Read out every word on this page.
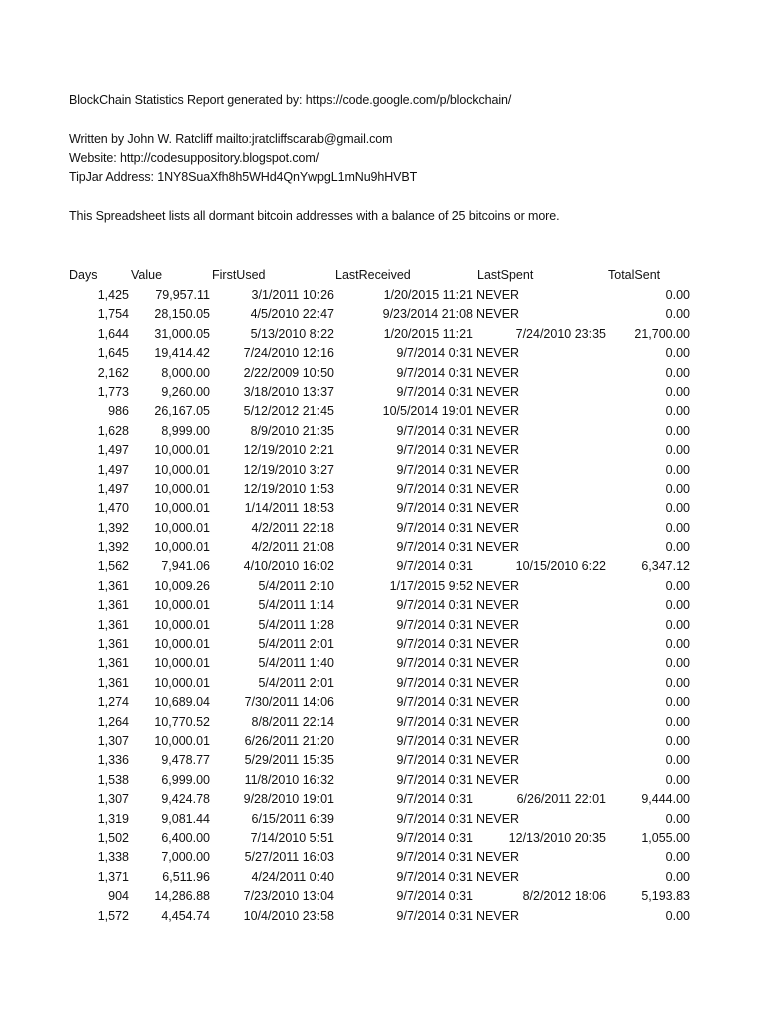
BlockChain Statistics Report generated by: https://code.google.com/p/blockchain/
Written by John W. Ratcliff mailto:jratcliffscarab@gmail.com
Website: http://codesuppository.blogspot.com/
TipJar Address: 1NY8SuaXfh8h5WHd4QnYwpgL1mNu9hHVBT
This Spreadsheet lists all dormant bitcoin addresses with a balance of 25 bitcoins or more.
Days	Value	FirstUsed	LastReceived	LastSpent	TotalSent
1,425 79,957.11	3/1/2011 10:26	1/20/2015 11:21 NEVER	0.00
1,754 28,150.05	4/5/2010 22:47	9/23/2014 21:08 NEVER	0.00
1,644 31,000.05	5/13/2010 8:22	1/20/2015 11:21	7/24/2010 23:35 21,700.00
1,645 19,414.42	7/24/2010 12:16	9/7/2014 0:31 NEVER	0.00
2,162	8,000.00	2/22/2009 10:50	9/7/2014 0:31 NEVER	0.00
1,773	9,260.00	3/18/2010 13:37	9/7/2014 0:31 NEVER	0.00
986 26,167.05	5/12/2012 21:45	10/5/2014 19:01 NEVER	0.00
1,628	8,999.00	8/9/2010 21:35	9/7/2014 0:31 NEVER	0.00
1,497 10,000.01	12/19/2010 2:21	9/7/2014 0:31 NEVER	0.00
1,497 10,000.01	12/19/2010 3:27	9/7/2014 0:31 NEVER	0.00
1,497 10,000.01	12/19/2010 1:53	9/7/2014 0:31 NEVER	0.00
1,470 10,000.01	1/14/2011 18:53	9/7/2014 0:31 NEVER	0.00
1,392 10,000.01	4/2/2011 22:18	9/7/2014 0:31 NEVER	0.00
1,392 10,000.01	4/2/2011 21:08	9/7/2014 0:31 NEVER	0.00
1,562	7,941.06	4/10/2010 16:02	9/7/2014 0:31	10/15/2010 6:22	6,347.12
1,361 10,009.26	5/4/2011 2:10	1/17/2015 9:52 NEVER	0.00
1,361 10,000.01	5/4/2011 1:14	9/7/2014 0:31 NEVER	0.00
1,361 10,000.01	5/4/2011 1:28	9/7/2014 0:31 NEVER	0.00
1,361 10,000.01	5/4/2011 2:01	9/7/2014 0:31 NEVER	0.00
1,361 10,000.01	5/4/2011 1:40	9/7/2014 0:31 NEVER	0.00
1,361 10,000.01	5/4/2011 2:01	9/7/2014 0:31 NEVER	0.00
1,274 10,689.04	7/30/2011 14:06	9/7/2014 0:31 NEVER	0.00
1,264 10,770.52	8/8/2011 22:14	9/7/2014 0:31 NEVER	0.00
1,307 10,000.01	6/26/2011 21:20	9/7/2014 0:31 NEVER	0.00
1,336	9,478.77	5/29/2011 15:35	9/7/2014 0:31 NEVER	0.00
1,538	6,999.00	11/8/2010 16:32	9/7/2014 0:31 NEVER	0.00
1,307	9,424.78	9/28/2010 19:01	9/7/2014 0:31	6/26/2011 22:01	9,444.00
1,319	9,081.44	6/15/2011 6:39	9/7/2014 0:31 NEVER	0.00
1,502	6,400.00	7/14/2010 5:51	9/7/2014 0:31	12/13/2010 20:35	1,055.00
1,338	7,000.00	5/27/2011 16:03	9/7/2014 0:31 NEVER	0.00
1,371	6,511.96	4/24/2011 0:40	9/7/2014 0:31 NEVER	0.00
904 14,286.88	7/23/2010 13:04	9/7/2014 0:31	8/2/2012 18:06	5,193.83
1,572	4,454.74	10/4/2010 23:58	9/7/2014 0:31 NEVER	0.00
